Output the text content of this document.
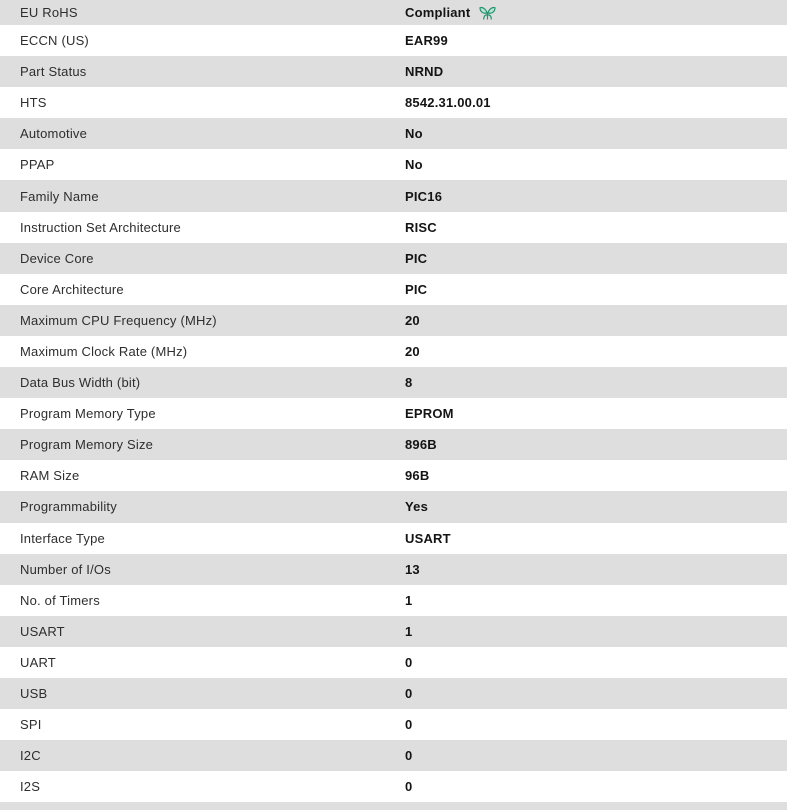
EU RoHS	Compliant
ECCN (US)	EAR99
Part Status	NRND
HTS	8542.31.00.01
Automotive	No
PPAP	No
Family Name	PIC16
Instruction Set Architecture	RISC
Device Core	PIC
Core Architecture	PIC
Maximum CPU Frequency (MHz)	20
Maximum Clock Rate (MHz)	20
Data Bus Width (bit)	8
Program Memory Type	EPROM
Program Memory Size	896B
RAM Size	96B
Programmability	Yes
Interface Type	USART
Number of I/Os	13
No. of Timers	1
USART	1
UART	0
USB	0
SPI	0
I2C	0
I2S	0
